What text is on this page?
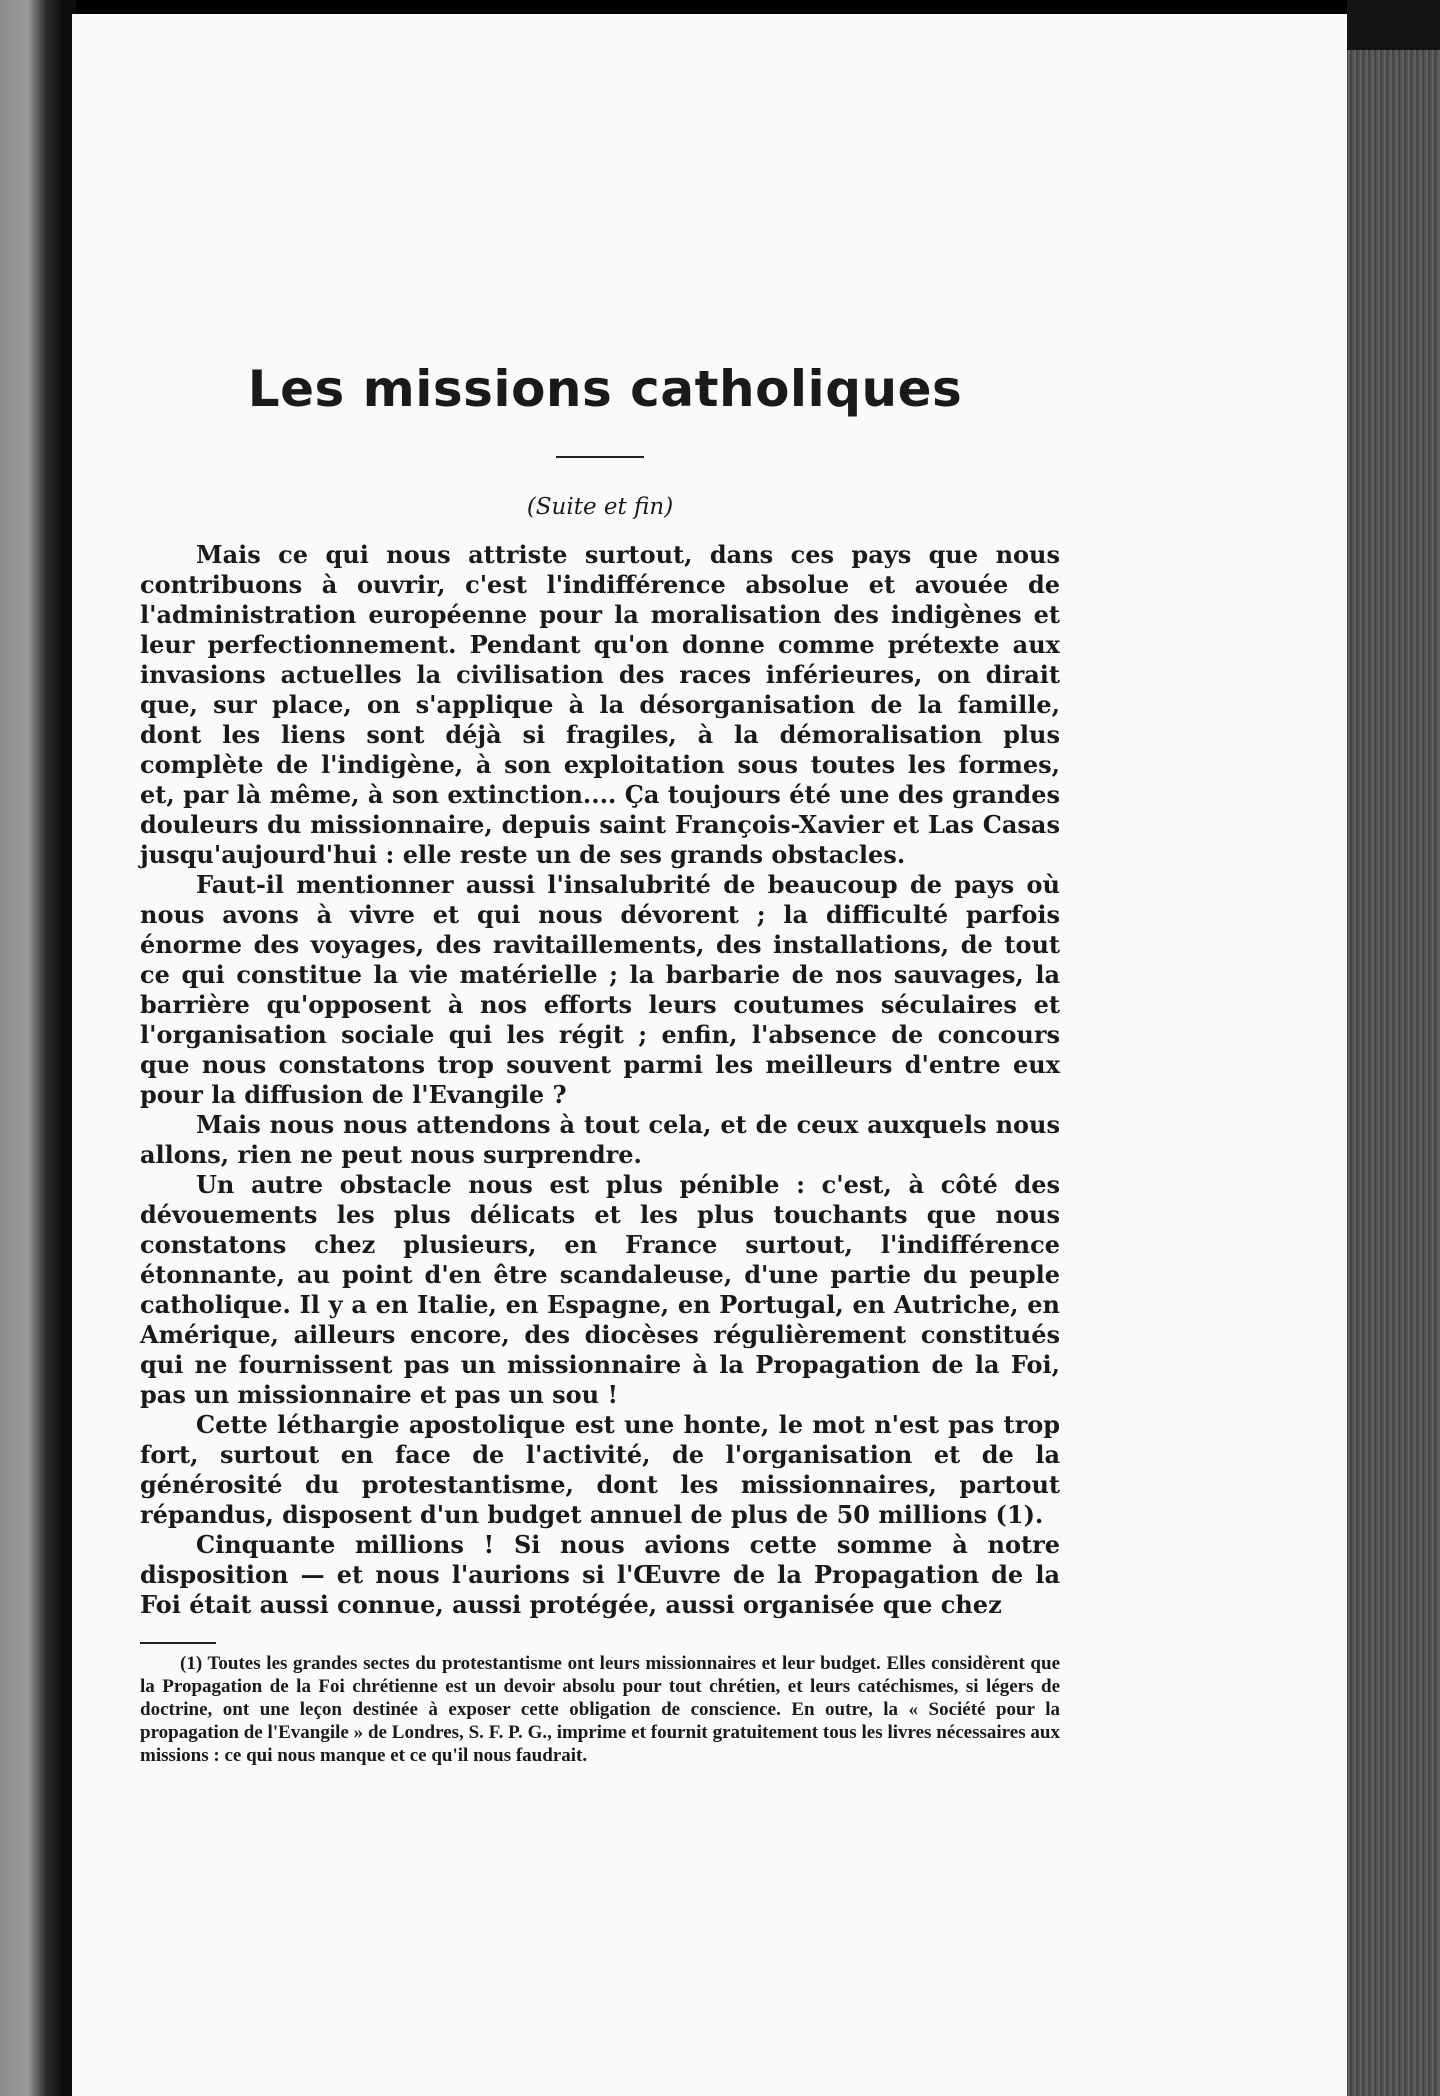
Les missions catholiques
(Suite et fin)

Mais ce qui nous attriste surtout, dans ces pays que nous contribuons à ouvrir, c'est l'indifférence absolue et avouée de l'administration européenne pour la moralisation des indigènes et leur perfectionnement. Pendant qu'on donne comme prétexte aux invasions actuelles la civilisation des races inférieures, on dirait que, sur place, on s'applique à la désorganisation de la famille, dont les liens sont déjà si fragiles, à la démoralisation plus complète de l'indigène, à son exploitation sous toutes les formes, et, par là même, à son extinction.... Ça toujours été une des grandes douleurs du missionnaire, depuis saint François-Xavier et Las Casas jusqu'aujourd'hui : elle reste un de ses grands obstacles.

Faut-il mentionner aussi l'insalubrité de beaucoup de pays où nous avons à vivre et qui nous dévorent ; la difficulté parfois énorme des voyages, des ravitaillements, des installations, de tout ce qui constitue la vie matérielle ; la barbarie de nos sauvages, la barrière qu'opposent à nos efforts leurs coutumes séculaires et l'organisation sociale qui les régit ; enfin, l'absence de concours que nous constatons trop souvent parmi les meilleurs d'entre eux pour la diffusion de l'Evangile ?

Mais nous nous attendons à tout cela, et de ceux auxquels nous allons, rien ne peut nous surprendre.

Un autre obstacle nous est plus pénible : c'est, à côté des dévouements les plus délicats et les plus touchants que nous constatons chez plusieurs, en France surtout, l'indifférence étonnante, au point d'en être scandaleuse, d'une partie du peuple catholique. Il y a en Italie, en Espagne, en Portugal, en Autriche, en Amérique, ailleurs encore, des diocèses régulièrement constitués qui ne fournissent pas un missionnaire à la Propagation de la Foi, pas un missionnaire et pas un sou !

Cette léthargie apostolique est une honte, le mot n'est pas trop fort, surtout en face de l'activité, de l'organisation et de la générosité du protestantisme, dont les missionnaires, partout répandus, disposent d'un budget annuel de plus de 50 millions (1).

Cinquante millions ! Si nous avions cette somme à notre disposition — et nous l'aurions si l'Œuvre de la Propagation de la Foi était aussi connue, aussi protégée, aussi organisée que chez

(1) Toutes les grandes sectes du protestantisme ont leurs missionnaires et leur budget. Elles considèrent que la Propagation de la Foi chrétienne est un devoir absolu pour tout chrétien, et leurs catéchismes, si légers de doctrine, ont une leçon destinée à exposer cette obligation de conscience. En outre, la « Société pour la propagation de l'Evangile » de Londres, S. F. P. G., imprime et fournit gratuitement tous les livres nécessaires aux missions : ce qui nous manque et ce qu'il nous faudrait.
